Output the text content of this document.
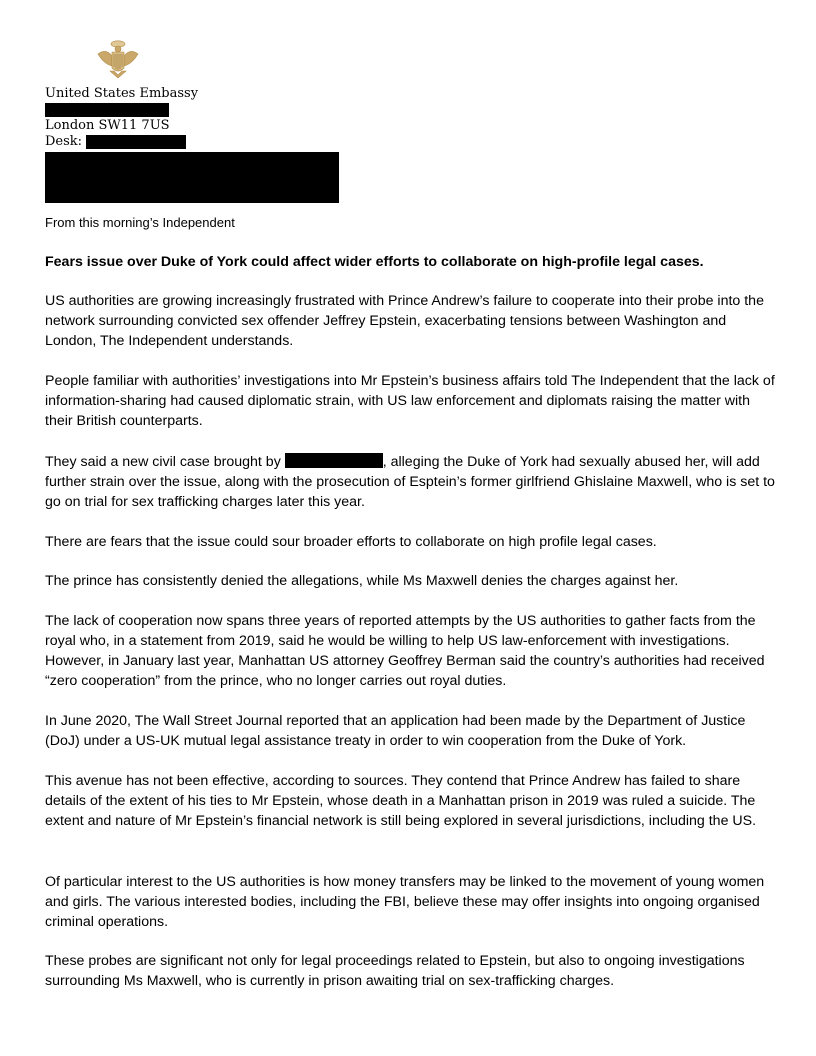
United States Embassy
London SW11 7US
Desk:
From this morning’s Independent
Fears issue over Duke of York could affect wider efforts to collaborate on high-profile legal cases.

US authorities are growing increasingly frustrated with Prince Andrew’s failure to cooperate into their probe into the network surrounding convicted sex offender Jeffrey Epstein, exacerbating tensions between Washington and London, The Independent understands.

People familiar with authorities’ investigations into Mr Epstein’s business affairs told The Independent that the lack of information-sharing had caused diplomatic strain, with US law enforcement and diplomats raising the matter with their British counterparts.

They said a new civil case brought by	, alleging the Duke of York had sexually abused her, will add further strain over the issue, along with the prosecution of Esptein’s former girlfriend Ghislaine Maxwell, who is set to go on trial for sex trafficking charges later this year.

There are fears that the issue could sour broader efforts to collaborate on high profile legal cases.

The prince has consistently denied the allegations, while Ms Maxwell denies the charges against her.

The lack of cooperation now spans three years of reported attempts by the US authorities to gather facts from the royal who, in a statement from 2019, said he would be willing to help US law-enforcement with investigations. However, in January last year, Manhattan US attorney Geoffrey Berman said the country’s authorities had received “zero cooperation” from the prince, who no longer carries out royal duties.

In June 2020, The Wall Street Journal reported that an application had been made by the Department of Justice (DoJ) under a US-UK mutual legal assistance treaty in order to win cooperation from the Duke of York.

This avenue has not been effective, according to sources. They contend that Prince Andrew has failed to share details of the extent of his ties to Mr Epstein, whose death in a Manhattan prison in 2019 was ruled a suicide. The extent and nature of Mr Epstein’s financial network is still being explored in several jurisdictions, including the US.

Of particular interest to the US authorities is how money transfers may be linked to the movement of young women and girls. The various interested bodies, including the FBI, believe these may offer insights into ongoing organised criminal operations.

These probes are significant not only for legal proceedings related to Epstein, but also to ongoing investigations surrounding Ms Maxwell, who is currently in prison awaiting trial on sex-trafficking charges.
